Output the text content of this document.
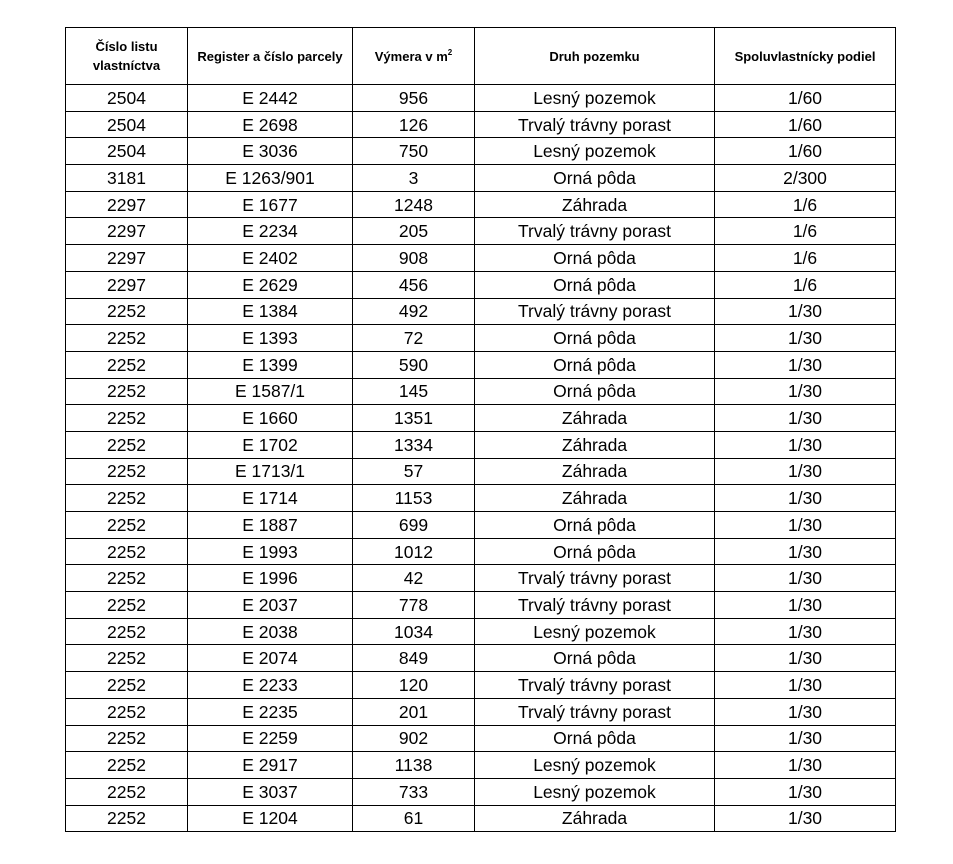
Číslo listu vlastníctva	Register a číslo parcely	Výmera v $m^2$	Druh pozemku	Spoluvlastnícky podiel
2504	E 2442	956	Lesný pozemok	1/60
2504	E 2698	126	Trvalý trávny porast	1/60
2504	E 3036	750	Lesný pozemok	1/60
3181	E 1263/901	3	Orná pôda	2/300
2297	E 1677	1248	Záhrada	1/6
2297	E 2234	205	Trvalý trávny porast	1/6
2297	E 2402	908	Orná pôda	1/6
2297	E 2629	456	Orná pôda	1/6
2252	E 1384	492	Trvalý trávny porast	1/30
2252	E 1393	72	Orná pôda	1/30
2252	E 1399	590	Orná pôda	1/30
2252	E 1587/1	145	Orná pôda	1/30
2252	E 1660	1351	Záhrada	1/30
2252	E 1702	1334	Záhrada	1/30
2252	E 1713/1	57	Záhrada	1/30
2252	E 1714	1153	Záhrada	1/30
2252	E 1887	699	Orná pôda	1/30
2252	E 1993	1012	Orná pôda	1/30
2252	E 1996	42	Trvalý trávny porast	1/30
2252	E 2037	778	Trvalý trávny porast	1/30
2252	E 2038	1034	Lesný pozemok	1/30
2252	E 2074	849	Orná pôda	1/30
2252	E 2233	120	Trvalý trávny porast	1/30
2252	E 2235	201	Trvalý trávny porast	1/30
2252	E 2259	902	Orná pôda	1/30
2252	E 2917	1138	Lesný pozemok	1/30
2252	E 3037	733	Lesný pozemok	1/30
2252	E 1204	61	Záhrada	1/30
